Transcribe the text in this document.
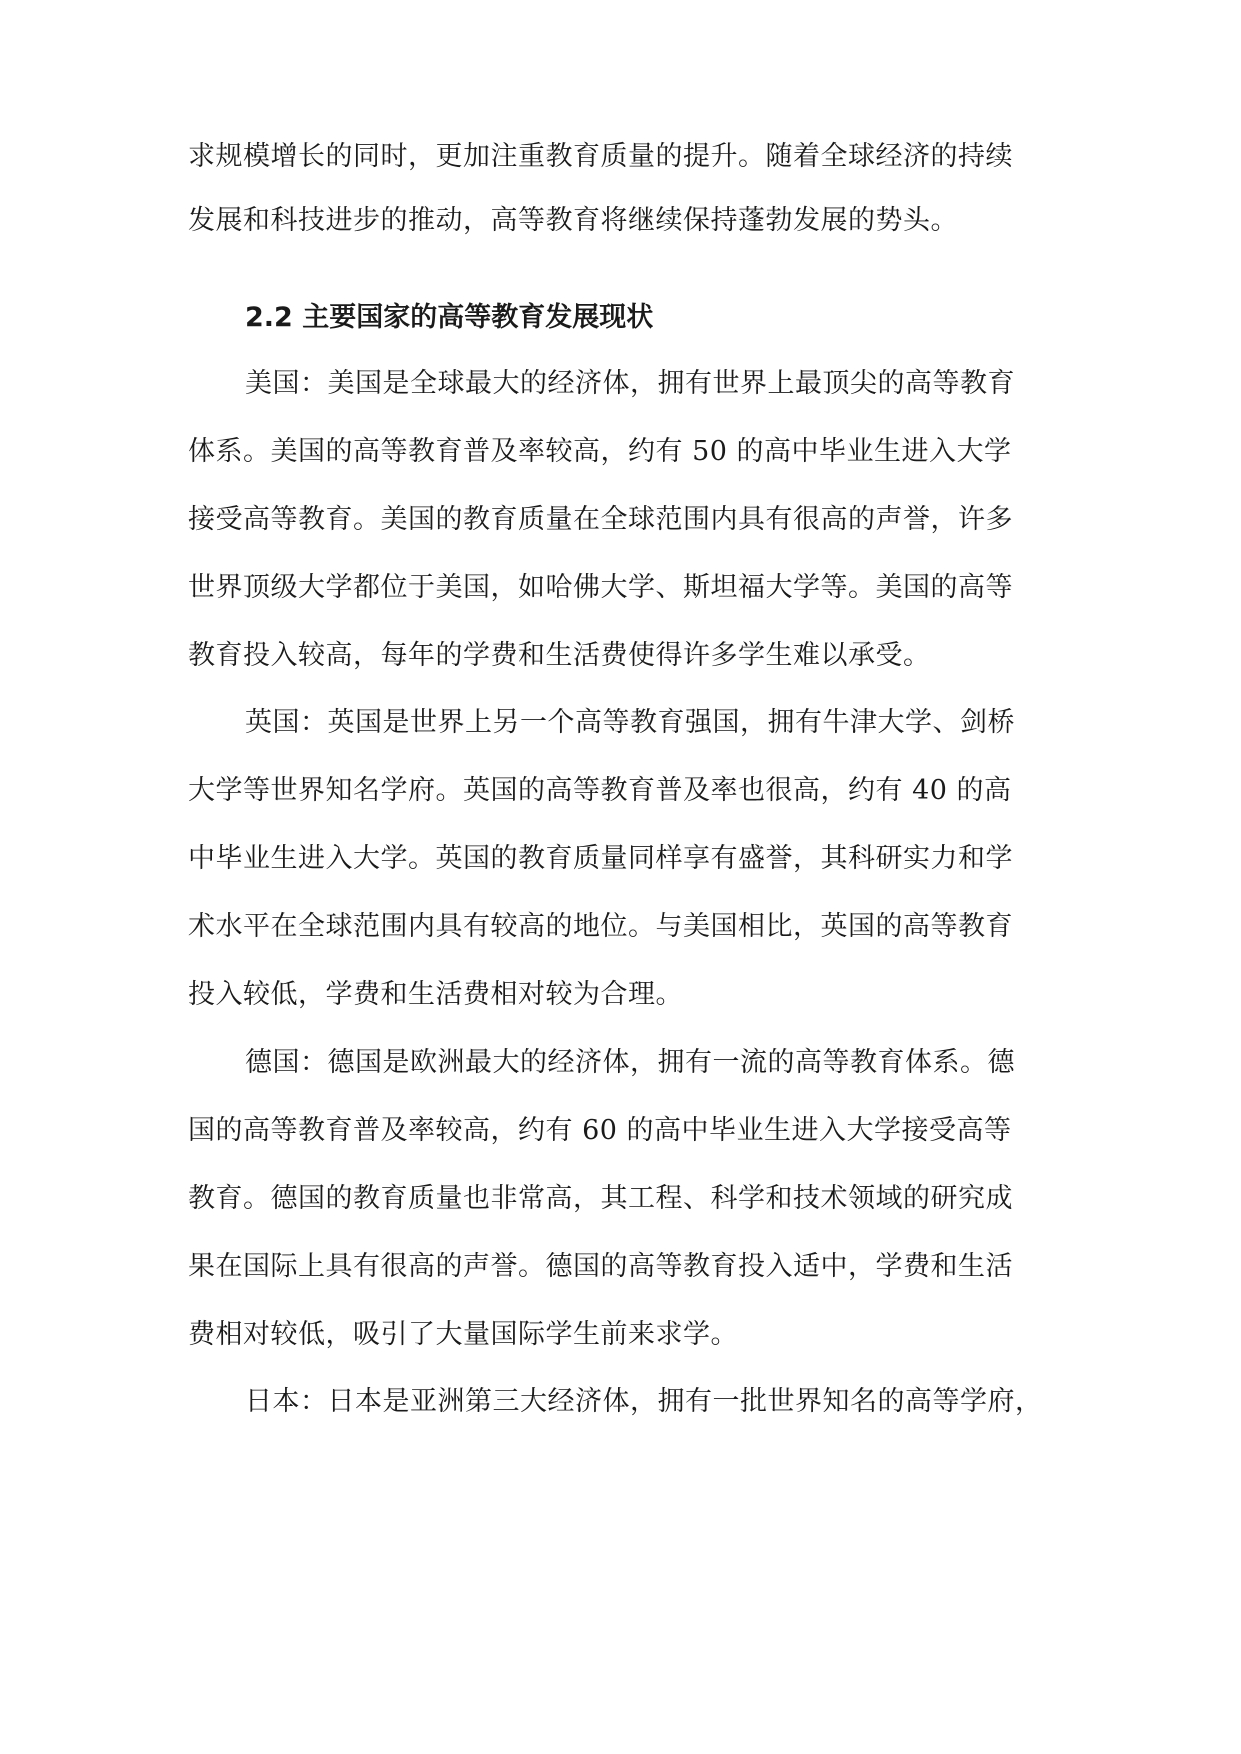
求规模增长的同时，更加注重教育质量的提升。随着全球经济的持续
发展和科技进步的推动，高等教育将继续保持蓬勃发展的势头。
2.2 主要国家的高等教育发展现状
美国：美国是全球最大的经济体，拥有世界上最顶尖的高等教育
体系。美国的高等教育普及率较高，约有 50 的高中毕业生进入大学
接受高等教育。美国的教育质量在全球范围内具有很高的声誉，许多
世界顶级大学都位于美国，如哈佛大学、斯坦福大学等。美国的高等
教育投入较高，每年的学费和生活费使得许多学生难以承受。
英国：英国是世界上另一个高等教育强国，拥有牛津大学、剑桥
大学等世界知名学府。英国的高等教育普及率也很高，约有 40 的高
中毕业生进入大学。英国的教育质量同样享有盛誉，其科研实力和学
术水平在全球范围内具有较高的地位。与美国相比，英国的高等教育
投入较低，学费和生活费相对较为合理。
德国：德国是欧洲最大的经济体，拥有一流的高等教育体系。德
国的高等教育普及率较高，约有 60 的高中毕业生进入大学接受高等
教育。德国的教育质量也非常高，其工程、科学和技术领域的研究成
果在国际上具有很高的声誉。德国的高等教育投入适中，学费和生活
费相对较低，吸引了大量国际学生前来求学。
日本：日本是亚洲第三大经济体，拥有一批世界知名的高等学府，
